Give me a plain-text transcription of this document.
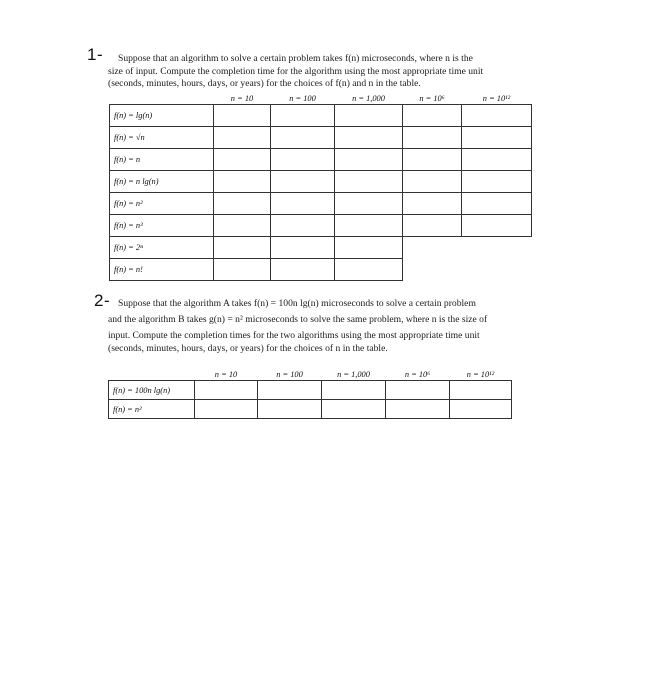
1- Suppose that an algorithm to solve a certain problem takes f(n) microseconds, where n is the
size of input. Compute the completion time for the algorithm using the most appropriate time unit
(seconds, minutes, hours, days, or years) for the choices of f(n) and n in the table.
	n = 10	n = 100	n = 1,000	n = 10⁶	n = 10¹²
f(n) = lg(n)					
f(n) = √n					
f(n) = n					
f(n) = n lg(n)					
f(n) = n²					
f(n) = n³					
f(n) = 2ⁿ					
f(n) = n!					
2- Suppose that the algorithm A takes f(n) = 100n lg(n) microseconds to solve a certain problem
and the algorithm B takes g(n) = n² microseconds to solve the same problem, where n is the size of
input. Compute the completion times for the two algorithms using the most appropriate time unit
(seconds, minutes, hours, days, or years) for the choices of n in the table.
	n = 10	n = 100	n = 1,000	n = 10⁶	n = 10¹²
f(n) = 100n lg(n)					
f(n) = n²					
